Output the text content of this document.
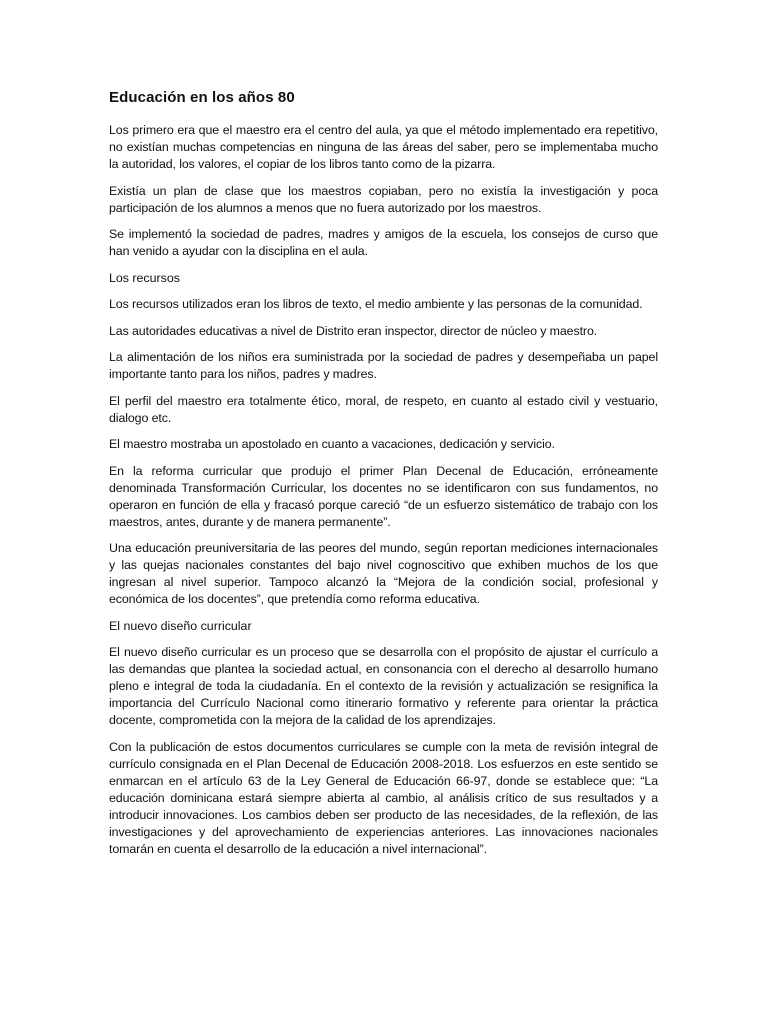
Educación en los años 80

Los primero era que el maestro era el centro del aula, ya que el método implementado era repetitivo, no existían muchas competencias en ninguna de las áreas del saber, pero se implementaba mucho la autoridad, los valores, el copiar de los libros tanto como de la pizarra.

Existía un plan de clase que los maestros copiaban, pero no existía la investigación y poca participación de los alumnos a menos que no fuera autorizado por los maestros.

Se implementó la sociedad de padres, madres y amigos de la escuela, los consejos de curso que han venido a ayudar con la disciplina en el aula.

Los recursos

Los recursos utilizados eran los libros de texto, el medio ambiente y las personas de la comunidad.

Las autoridades educativas a nivel de Distrito eran inspector, director de núcleo y maestro.

La alimentación de los niños era suministrada por la sociedad de padres y desempeñaba un papel importante tanto para los niños, padres y madres.

El perfil del maestro era totalmente ético, moral, de respeto, en cuanto al estado civil y vestuario, dialogo etc.

El maestro mostraba un apostolado en cuanto a vacaciones, dedicación y servicio.

En la reforma curricular que produjo el primer Plan Decenal de Educación, erróneamente denominada Transformación Curricular, los docentes no se identificaron con sus fundamentos, no operaron en función de ella y fracasó porque careció “de un esfuerzo sistemático de trabajo con los maestros, antes, durante y de manera permanente”.

Una educación preuniversitaria de las peores del mundo, según reportan mediciones internacionales y las quejas nacionales constantes del bajo nivel cognoscitivo que exhiben muchos de los que ingresan al nivel superior. Tampoco alcanzó la “Mejora de la condición social, profesional y económica de los docentes”, que pretendía como reforma educativa.

El nuevo diseño curricular

El nuevo diseño curricular es un proceso que se desarrolla con el propósito de ajustar el currículo a las demandas que plantea la sociedad actual, en consonancia con el derecho al desarrollo humano pleno e integral de toda la ciudadanía. En el contexto de la revisión y actualización se resignifica la importancia del Currículo Nacional como itinerario formativo y referente para orientar la práctica docente, comprometida con la mejora de la calidad de los aprendizajes.

Con la publicación de estos documentos curriculares se cumple con la meta de revisión integral de currículo consignada en el Plan Decenal de Educación 2008-2018. Los esfuerzos en este sentido se enmarcan en el artículo 63 de la Ley General de Educación 66-97, donde se establece que: “La educación dominicana estará siempre abierta al cambio, al análisis crítico de sus resultados y a introducir innovaciones. Los cambios deben ser producto de las necesidades, de la reflexión, de las investigaciones y del aprovechamiento de experiencias anteriores. Las innovaciones nacionales tomarán en cuenta el desarrollo de la educación a nivel internacional”.
